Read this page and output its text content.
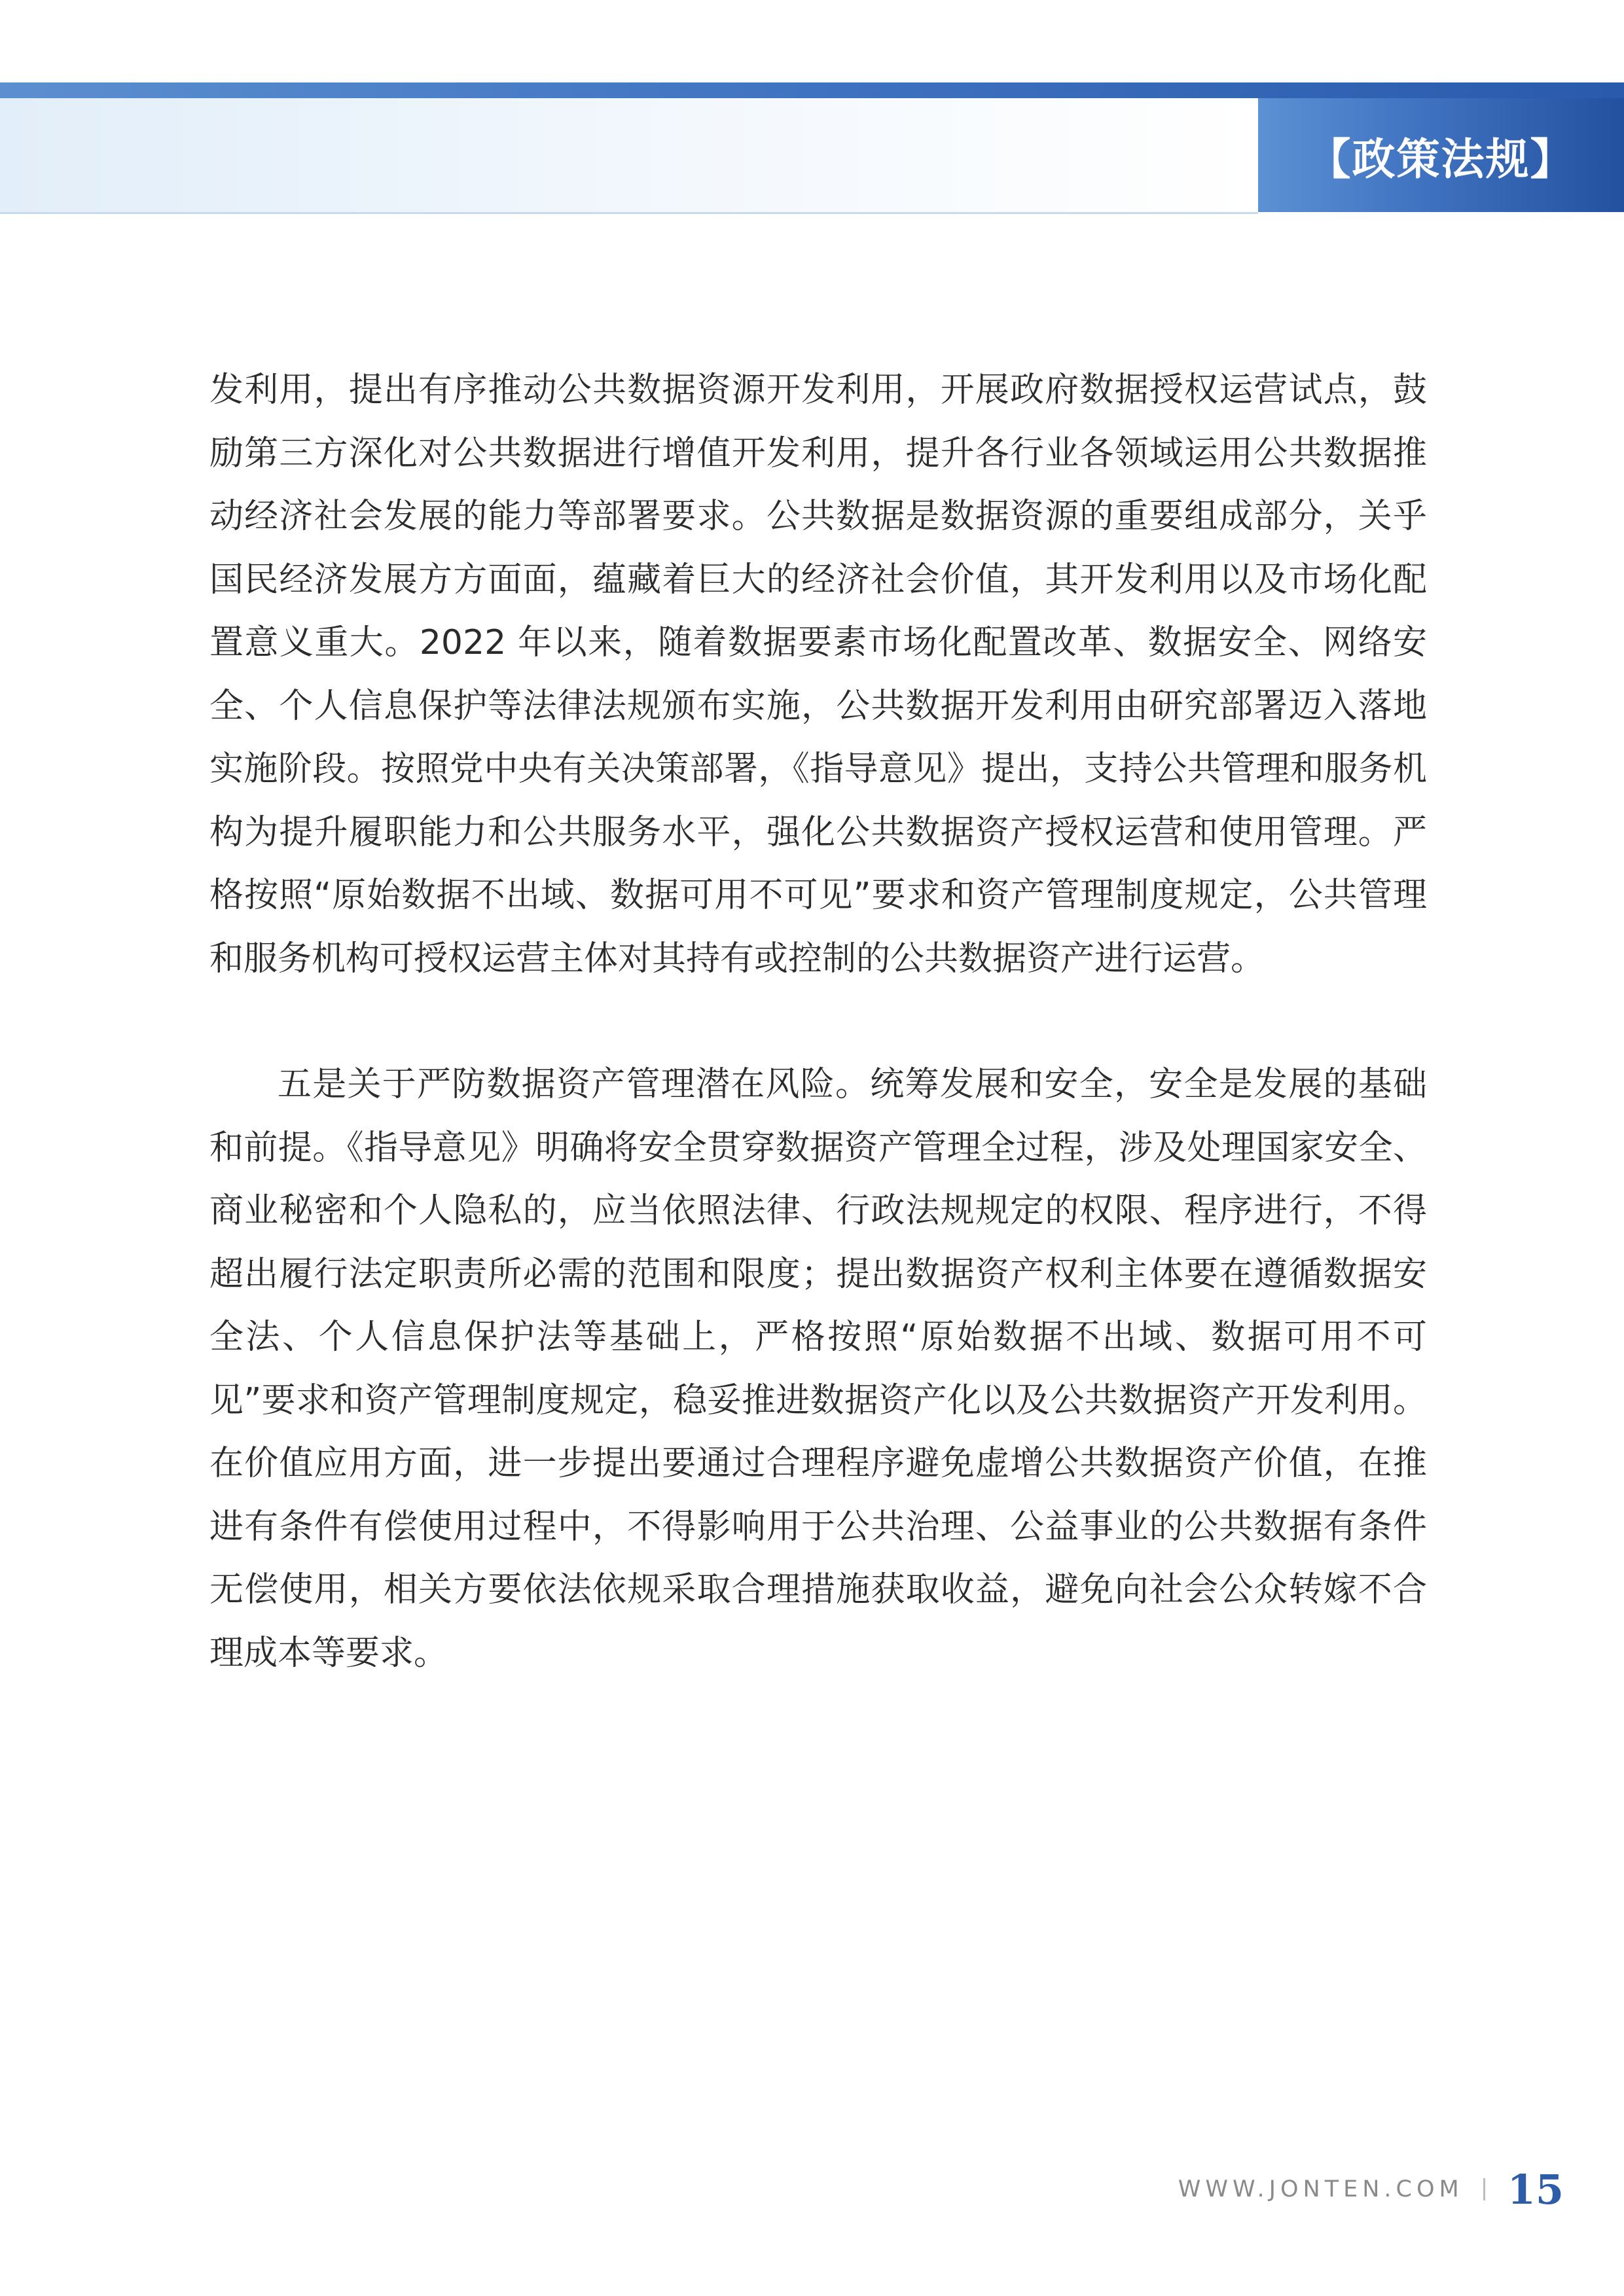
【政策法规】

发利用，提出有序推动公共数据资源开发利用，开展政府数据授权运营试点，鼓励第三方深化对公共数据进行增值开发利用，提升各行业各领域运用公共数据推动经济社会发展的能力等部署要求。公共数据是数据资源的重要组成部分，关乎国民经济发展方方面面，蕴藏着巨大的经济社会价值，其开发利用以及市场化配置意义重大。2022 年以来，随着数据要素市场化配置改革、数据安全、网络安全、个人信息保护等法律法规颁布实施，公共数据开发利用由研究部署迈入落地实施阶段。按照党中央有关决策部署，《指导意见》提出，支持公共管理和服务机构为提升履职能力和公共服务水平，强化公共数据资产授权运营和使用管理。严格按照“原始数据不出域、数据可用不可见”要求和资产管理制度规定，公共管理和服务机构可授权运营主体对其持有或控制的公共数据资产进行运营。

五是关于严防数据资产管理潜在风险。统筹发展和安全，安全是发展的基础和前提。《指导意见》明确将安全贯穿数据资产管理全过程，涉及处理国家安全、商业秘密和个人隐私的，应当依照法律、行政法规规定的权限、程序进行，不得超出履行法定职责所必需的范围和限度；提出数据资产权利主体要在遵循数据安全法、个人信息保护法等基础上，严格按照“原始数据不出域、数据可用不可见”要求和资产管理制度规定，稳妥推进数据资产化以及公共数据资产开发利用。在价值应用方面，进一步提出要通过合理程序避免虚增公共数据资产价值，在推进有条件有偿使用过程中，不得影响用于公共治理、公益事业的公共数据有条件无偿使用，相关方要依法依规采取合理措施获取收益，避免向社会公众转嫁不合理成本等要求。

WWW.JONTEN.COM 15
